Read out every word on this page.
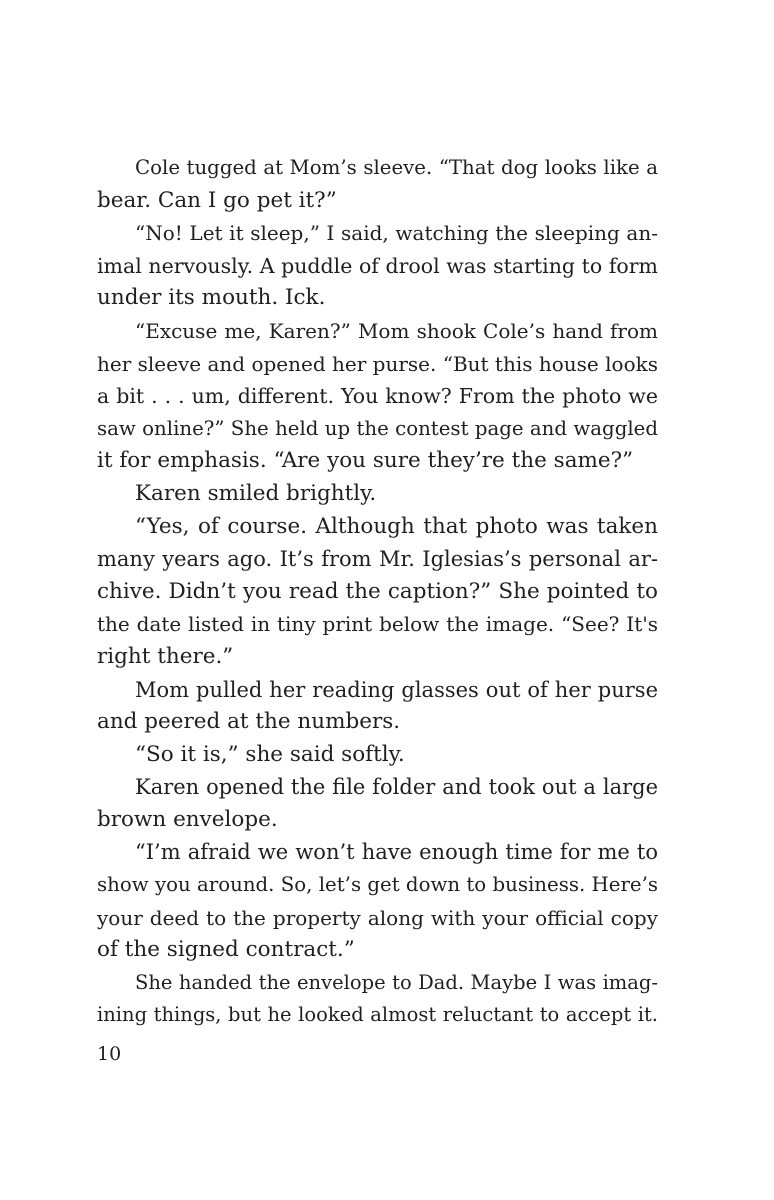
Cole tugged at Mom’s sleeve. “That dog looks like a
bear. Can I go pet it?”
“No! Let it sleep,” I said, watching the sleeping an-
imal nervously. A puddle of drool was starting to form
under its mouth. Ick.
“Excuse me, Karen?” Mom shook Cole’s hand from
her sleeve and opened her purse. “But this house looks
a bit . . . um, different. You know? From the photo we
saw online?” She held up the contest page and waggled
it for emphasis. “Are you sure they’re the same?”
Karen smiled brightly.
“Yes, of course. Although that photo was taken
many years ago. It’s from Mr. Iglesias’s personal ar-
chive. Didn’t you read the caption?” She pointed to
the date listed in tiny print below the image. “See? It's
right there.”
Mom pulled her reading glasses out of her purse
and peered at the numbers.
“So it is,” she said softly.
Karen opened the file folder and took out a large
brown envelope.
“I’m afraid we won’t have enough time for me to
show you around. So, let’s get down to business. Here’s
your deed to the property along with your official copy
of the signed contract.”
She handed the envelope to Dad. Maybe I was imag-
ining things, but he looked almost reluctant to accept it.
10
